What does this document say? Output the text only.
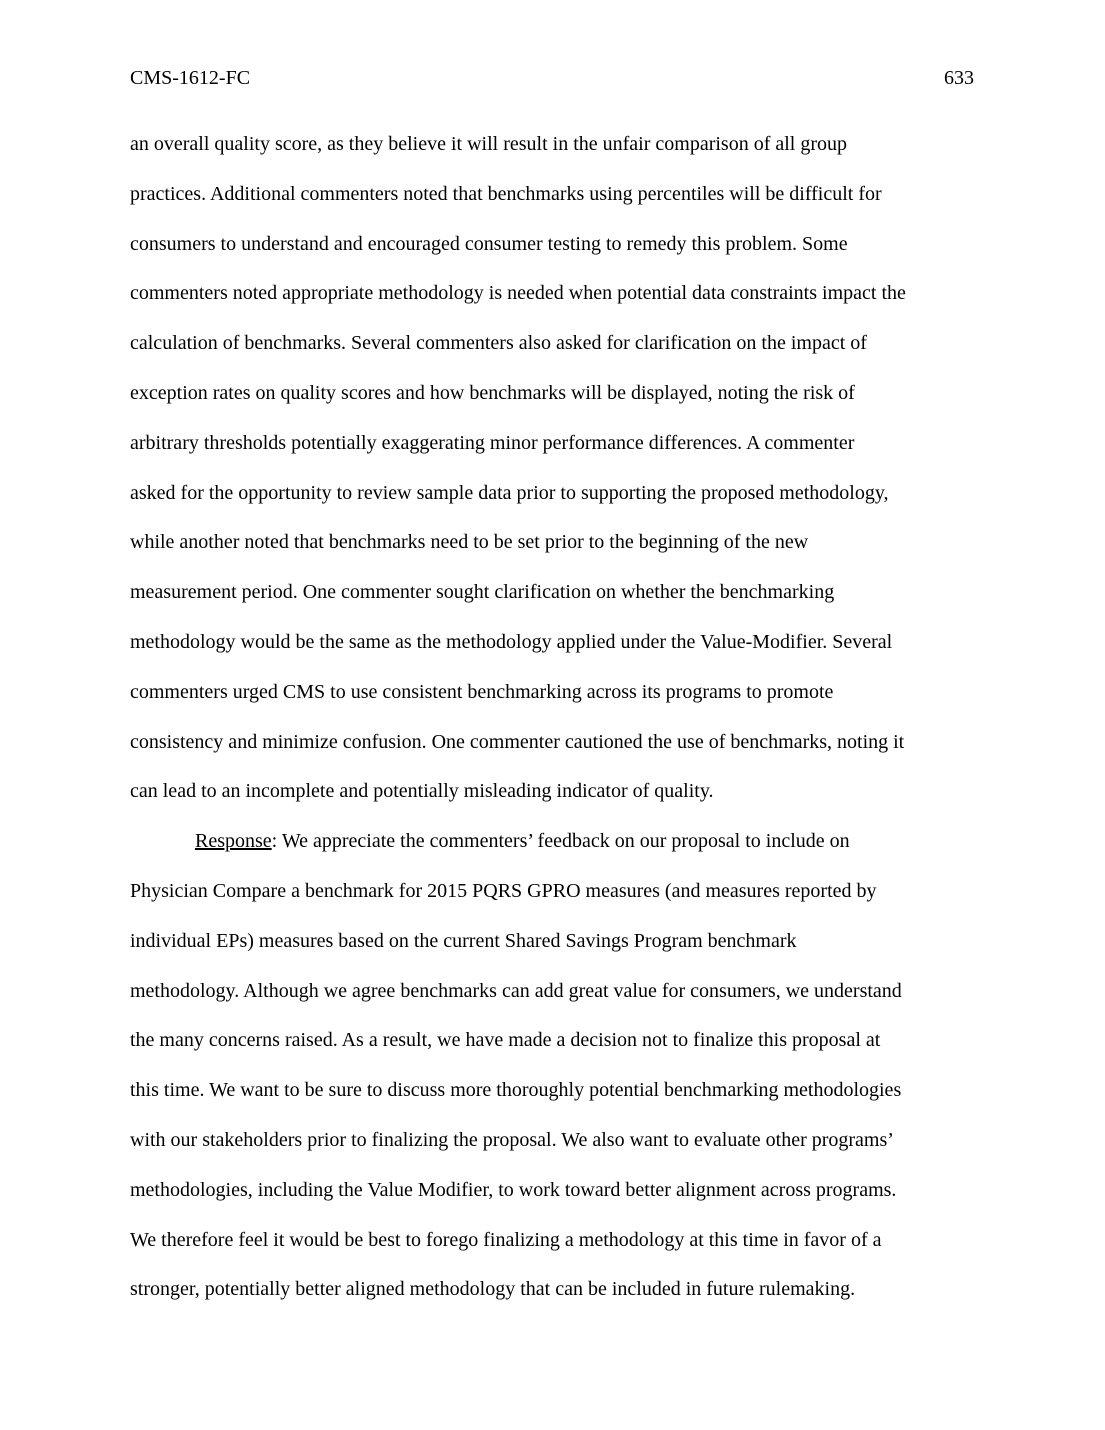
CMS-1612-FC	633
an overall quality score, as they believe it will result in the unfair comparison of all group
practices. Additional commenters noted that benchmarks using percentiles will be difficult for
consumers to understand and encouraged consumer testing to remedy this problem. Some
commenters noted appropriate methodology is needed when potential data constraints impact the
calculation of benchmarks. Several commenters also asked for clarification on the impact of
exception rates on quality scores and how benchmarks will be displayed, noting the risk of
arbitrary thresholds potentially exaggerating minor performance differences. A commenter
asked for the opportunity to review sample data prior to supporting the proposed methodology,
while another noted that benchmarks need to be set prior to the beginning of the new
measurement period. One commenter sought clarification on whether the benchmarking
methodology would be the same as the methodology applied under the Value-Modifier. Several
commenters urged CMS to use consistent benchmarking across its programs to promote
consistency and minimize confusion. One commenter cautioned the use of benchmarks, noting it
can lead to an incomplete and potentially misleading indicator of quality.
Response: We appreciate the commenters’ feedback on our proposal to include on
Physician Compare a benchmark for 2015 PQRS GPRO measures (and measures reported by
individual EPs) measures based on the current Shared Savings Program benchmark
methodology. Although we agree benchmarks can add great value for consumers, we understand
the many concerns raised. As a result, we have made a decision not to finalize this proposal at
this time. We want to be sure to discuss more thoroughly potential benchmarking methodologies
with our stakeholders prior to finalizing the proposal. We also want to evaluate other programs’
methodologies, including the Value Modifier, to work toward better alignment across programs.
We therefore feel it would be best to forego finalizing a methodology at this time in favor of a
stronger, potentially better aligned methodology that can be included in future rulemaking.
